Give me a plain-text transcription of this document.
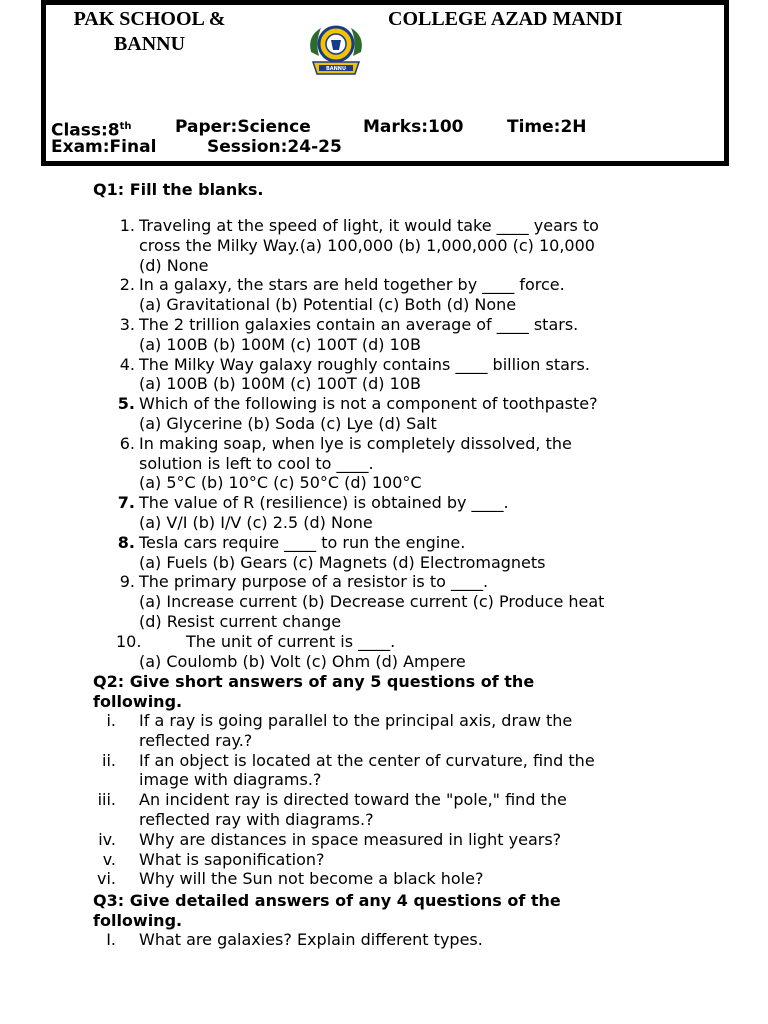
PAK SCHOOL &
BANNU
COLLEGE AZAD MANDI
BANNU
Class:8th	Paper:Science	Marks:100	Time:2H
Exam:Final	Session:24-25
Q1: Fill the blanks.
1. Traveling at the speed of light, it would take ____ years to
cross the Milky Way.(a) 100,000 (b) 1,000,000 (c) 10,000
(d) None
2. In a galaxy, the stars are held together by ____ force.
(a) Gravitational (b) Potential (c) Both (d) None
3. The 2 trillion galaxies contain an average of ____ stars.
(a) 100B (b) 100M (c) 100T (d) 10B
4. The Milky Way galaxy roughly contains ____ billion stars.
(a) 100B (b) 100M (c) 100T (d) 10B
5. Which of the following is not a component of toothpaste?
(a) Glycerine (b) Soda (c) Lye (d) Salt
6. In making soap, when lye is completely dissolved, the
solution is left to cool to ____.
(a) 5°C (b) 10°C (c) 50°C (d) 100°C
7. The value of R (resilience) is obtained by ____.
(a) V/I (b) I/V (c) 2.5 (d) None
8. Tesla cars require ____ to run the engine.
(a) Fuels (b) Gears (c) Magnets (d) Electromagnets
9. The primary purpose of a resistor is to ____.
(a) Increase current (b) Decrease current (c) Produce heat
(d) Resist current change
10.	The unit of current is ____.
(a) Coulomb (b) Volt (c) Ohm (d) Ampere
Q2: Give short answers of any 5 questions of the
following.
i. If a ray is going parallel to the principal axis, draw the
reflected ray.?
ii. If an object is located at the center of curvature, find the
image with diagrams.?
iii. An incident ray is directed toward the "pole," find the
reflected ray with diagrams.?
iv. Why are distances in space measured in light years?
v. What is saponification?
vi. Why will the Sun not become a black hole?
Q3: Give detailed answers of any 4 questions of the
following.
I. What are galaxies? Explain different types.
